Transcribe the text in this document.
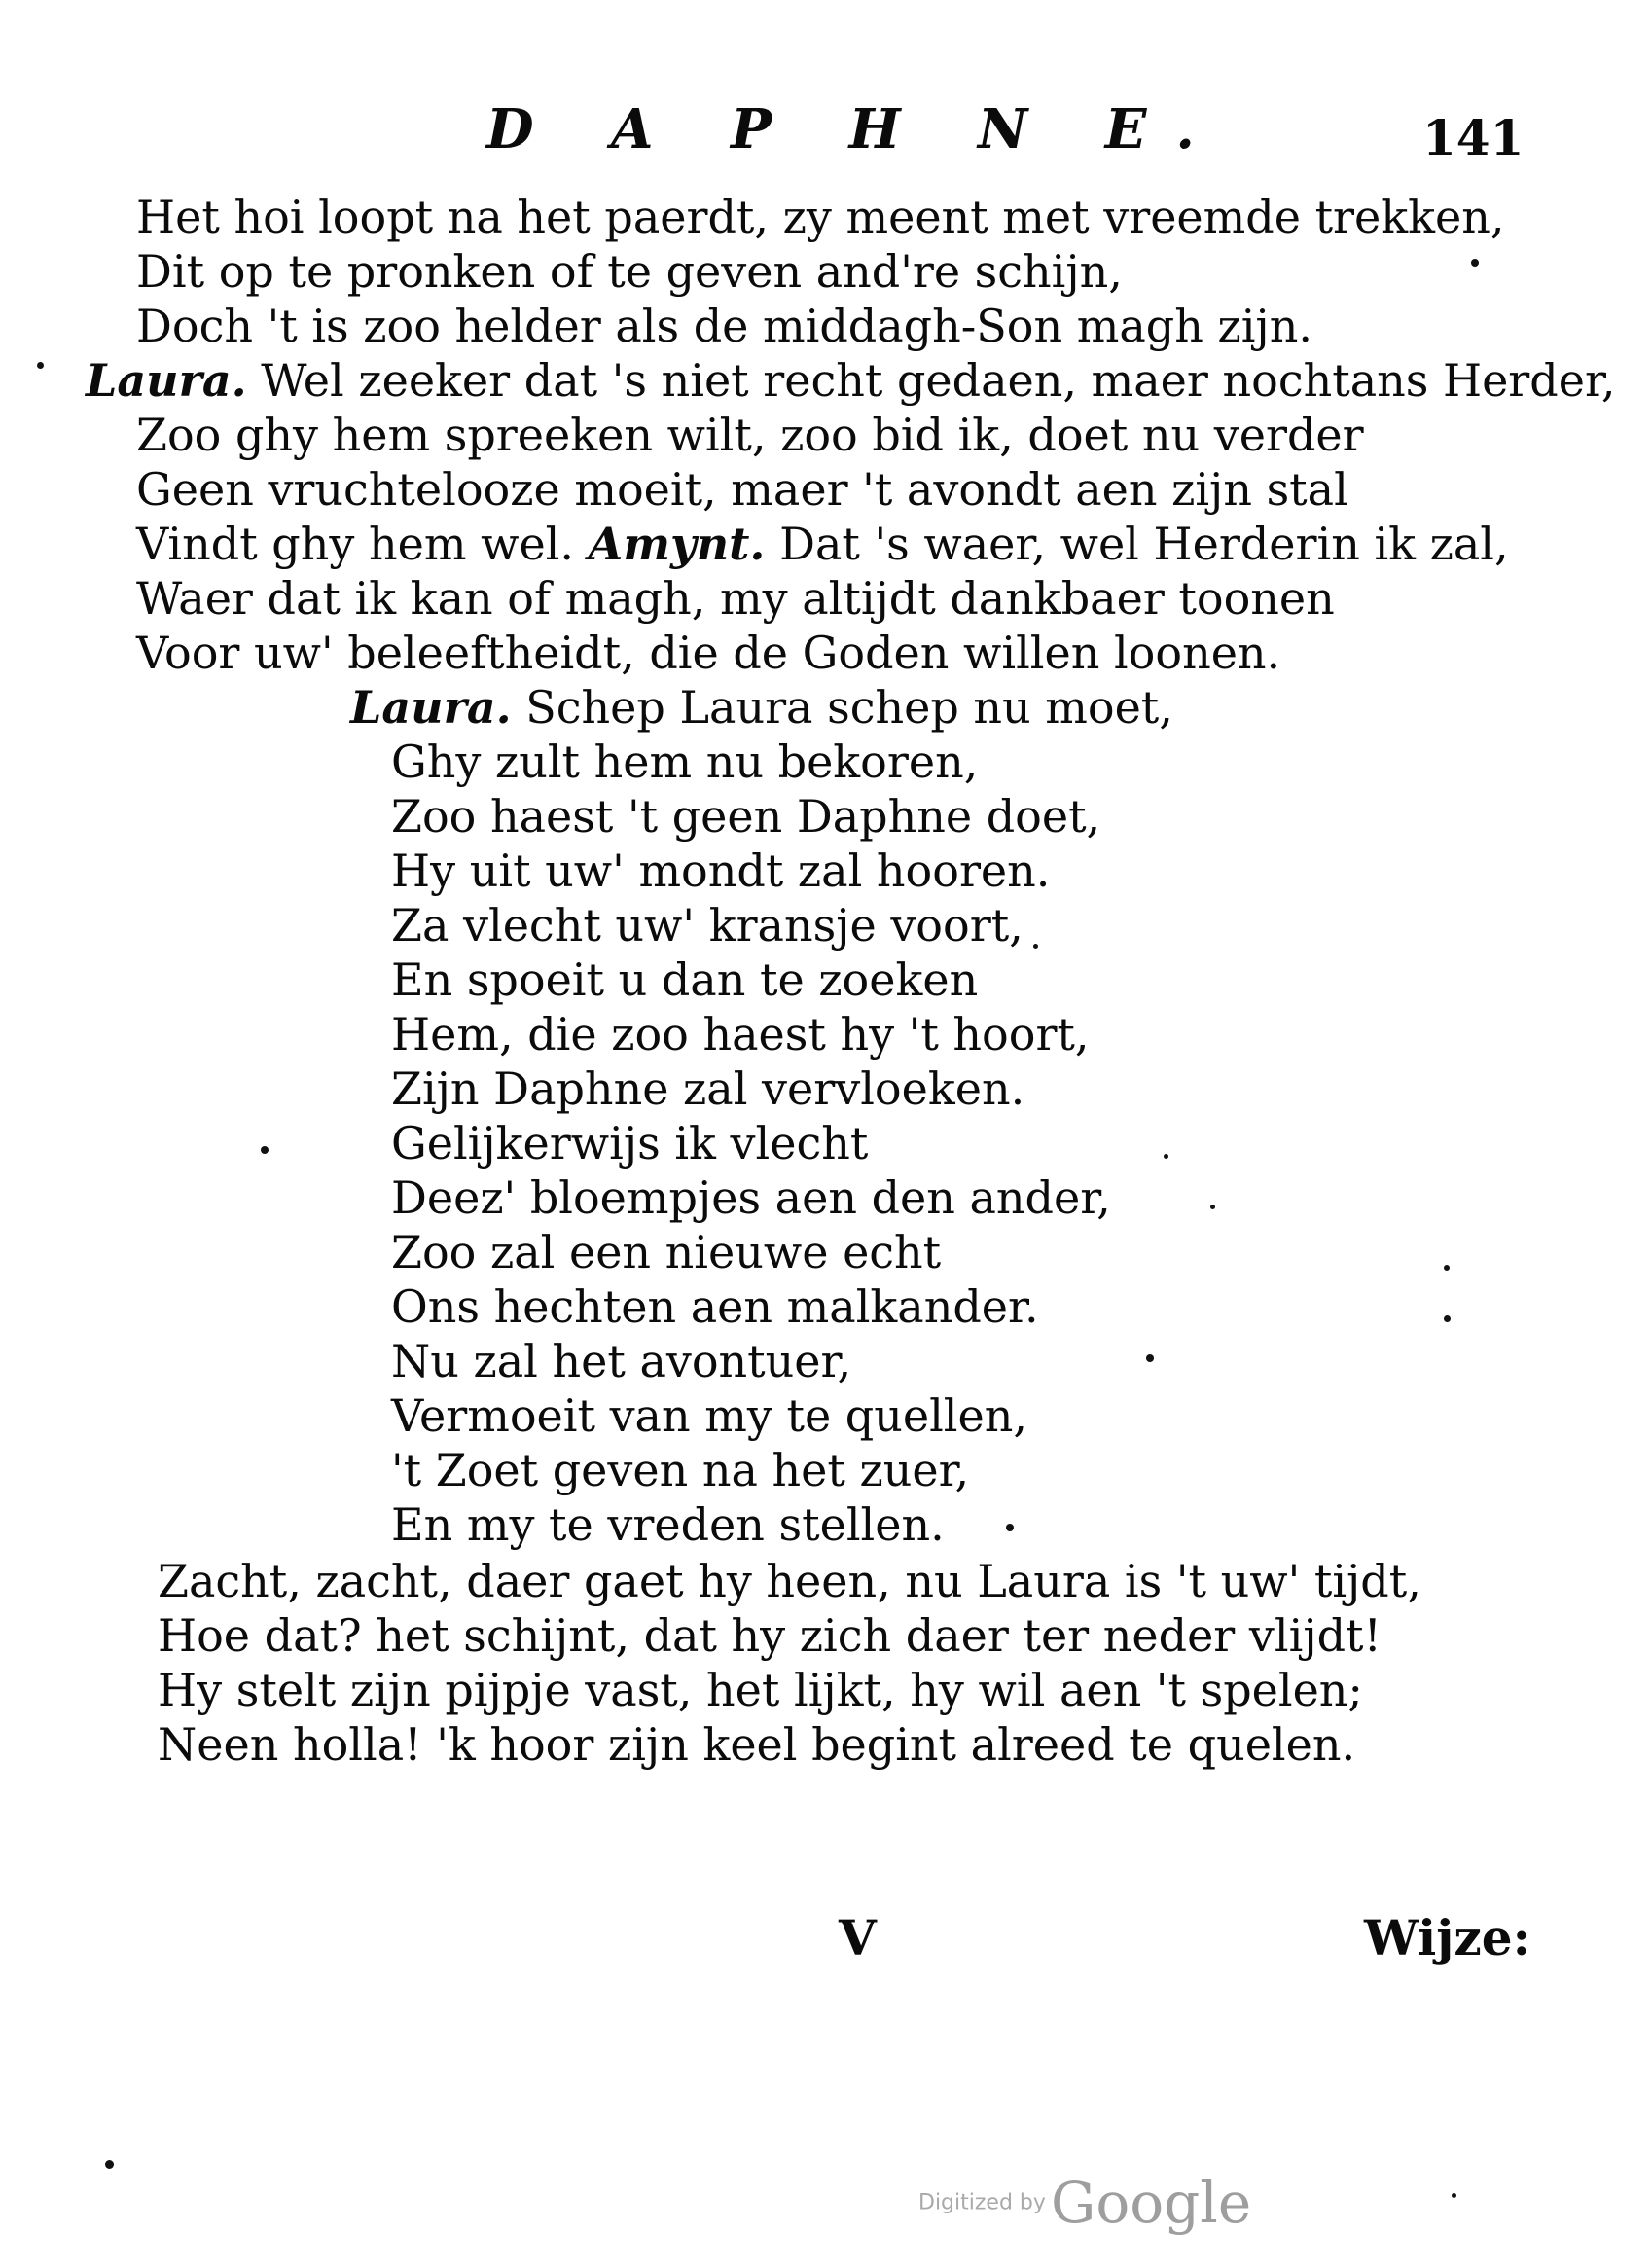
D A P H N E.	141
Het hoi loopt na het paerdt, zy meent met vreemde trekken,
Dit op te pronken of te geven and're schijn,
Doch 't is zoo helder als de middagh-Son magh zijn.
Laura. Wel zeeker dat 's niet recht gedaen, maer nochtans Herder,
Zoo ghy hem spreeken wilt, zoo bid ik, doet nu verder
Geen vruchtelooze moeit, maer 't avondt aen zijn stal
Vindt ghy hem wel. Amynt. Dat 's waer, wel Herderin ik zal,
Waer dat ik kan of magh, my altijdt dankbaer toonen
Voor uw' beleeftheidt, die de Goden willen loonen.
Laura. Schep Laura schep nu moet,
Ghy zult hem nu bekoren,
Zoo haest 't geen Daphne doet,
Hy uit uw' mondt zal hooren.
Za vlecht uw' kransje voort,
En spoeit u dan te zoeken
Hem, die zoo haest hy 't hoort,
Zijn Daphne zal vervloeken.
Gelijkerwijs ik vlecht
Deez' bloempjes aen den ander,
Zoo zal een nieuwe echt
Ons hechten aen malkander.
Nu zal het avontuer,
Vermoeit van my te quellen,
't Zoet geven na het zuer,
En my te vreden stellen.
Zacht, zacht, daer gaet hy heen, nu Laura is 't uw' tijdt,
Hoe dat? het schijnt, dat hy zich daer ter neder vlijdt!
Hy stelt zijn pijpje vast, het lijkt, hy wil aen 't spelen;
Neen holla! 'k hoor zijn keel begint alreed te quelen.
V	Wijze:
Digitized by Google
